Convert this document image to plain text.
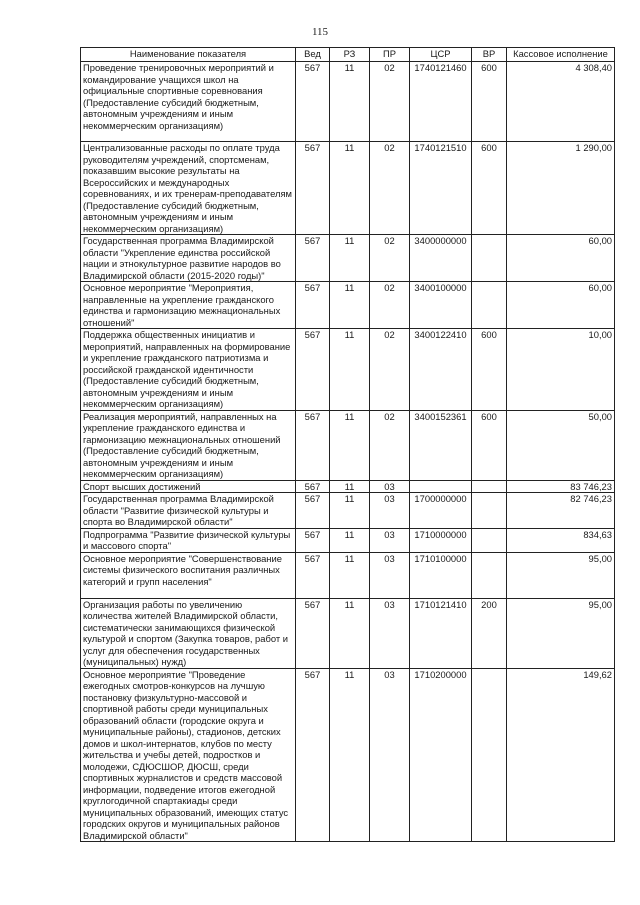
115
Наименование показателя	Вед	РЗ	ПР	ЦСР	ВР	Кассовое исполнение
Проведение тренировочных мероприятий и командирование учащихся школ на официальные спортивные соревнования (Предоставление субсидий бюджетным, автономным учреждениям и иным некоммерческим организациям)	567	11	02	1740121460	600	4 308,40
Централизованные расходы по оплате труда руководителям учреждений, спортсменам, показавшим высокие результаты на Всероссийских и международных соревнованиях, и их тренерам-преподавателям (Предоставление субсидий бюджетным, автономным учреждениям и иным некоммерческим организациям)	567	11	02	1740121510	600	1 290,00
Государственная программа Владимирской области "Укрепление единства российской нации и этнокультурное развитие народов во Владимирской области (2015-2020 годы)"	567	11	02	3400000000		60,00
Основное мероприятие "Мероприятия, направленные на укрепление гражданского единства и гармонизацию межнациональных отношений"	567	11	02	3400100000		60,00
Поддержка общественных инициатив и мероприятий, направленных на формирование и укрепление гражданского патриотизма и российской гражданской идентичности (Предоставление субсидий бюджетным, автономным учреждениям и иным некоммерческим организациям)	567	11	02	3400122410	600	10,00
Реализация мероприятий, направленных на укрепление гражданского единства и гармонизацию межнациональных отношений (Предоставление субсидий бюджетным, автономным учреждениям и иным некоммерческим организациям)	567	11	02	3400152361	600	50,00
Спорт высших достижений	567	11	03			83 746,23
Государственная программа Владимирской области "Развитие физической культуры и спорта во Владимирской области"	567	11	03	1700000000		82 746,23
Подпрограмма "Развитие физической культуры и массового спорта"	567	11	03	1710000000		834,63
Основное мероприятие "Совершенствование системы физического воспитания различных категорий и групп населения"	567	11	03	1710100000		95,00
Организация работы по увеличению количества жителей Владимирской области, систематически занимающихся физической культурой и спортом (Закупка товаров, работ и услуг для обеспечения государственных (муниципальных) нужд)	567	11	03	1710121410	200	95,00
Основное мероприятие "Проведение ежегодных смотров-конкурсов на лучшую постановку физкультурно-массовой и спортивной работы среди муниципальных образований области (городские округа и муниципальные районы), стадионов, детских домов и школ-интернатов, клубов по месту жительства и учебы детей, подростков и молодежи, СДЮСШОР, ДЮСШ, среди спортивных журналистов и средств массовой информации, подведение итогов ежегодной круглогодичной спартакиады среди муниципальных образований, имеющих статус городских округов и муниципальных районов Владимирской области"	567	11	03	1710200000		149,62
